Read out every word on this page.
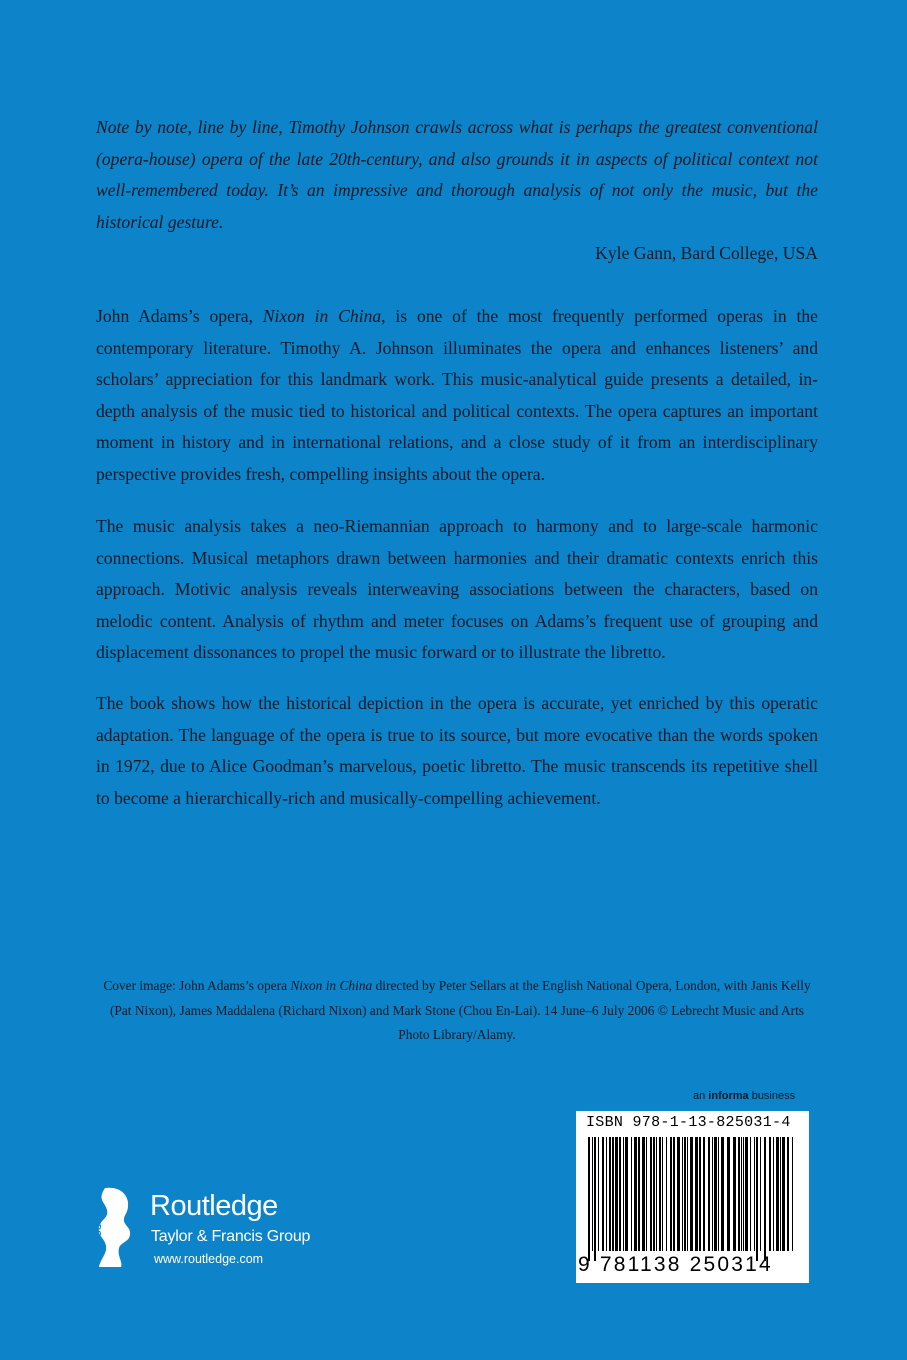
Note by note, line by line, Timothy Johnson crawls across what is perhaps the greatest conventional (opera-house) opera of the late 20th-century, and also grounds it in aspects of political context not well-remembered today. It’s an impressive and thorough analysis of not only the music, but the historical gesture.

Kyle Gann, Bard College, USA

John Adams’s opera, Nixon in China, is one of the most frequently performed operas in the contemporary literature. Timothy A. Johnson illuminates the opera and enhances listeners’ and scholars’ appreciation for this landmark work. This music-analytical guide presents a detailed, in-depth analysis of the music tied to historical and political contexts. The opera captures an important moment in history and in international relations, and a close study of it from an interdisciplinary perspective provides fresh, compelling insights about the opera.

The music analysis takes a neo-Riemannian approach to harmony and to large-scale harmonic connections. Musical metaphors drawn between harmonies and their dramatic contexts enrich this approach. Motivic analysis reveals interweaving associations between the characters, based on melodic content. Analysis of rhythm and meter focuses on Adams’s frequent use of grouping and displacement dissonances to propel the music forward or to illustrate the libretto.

The book shows how the historical depiction in the opera is accurate, yet enriched by this operatic adaptation. The language of the opera is true to its source, but more evocative than the words spoken in 1972, due to Alice Goodman’s marvelous, poetic libretto. The music transcends its repetitive shell to become a hierarchically-rich and musically-compelling achievement.

Cover image: John Adams’s opera Nixon in China directed by Peter Sellars at the English National Opera, London, with Janis Kelly (Pat Nixon), James Maddalena (Richard Nixon) and Mark Stone (Chou En-Lai). 14 June–6 July 2006 © Lebrecht Music and Arts Photo Library/Alamy.

an informa business
ISBN 978-1-13-825031-4
9 781138 250314
ROUTLEDGE Routledge
Taylor & Francis Group
www.routledge.com
